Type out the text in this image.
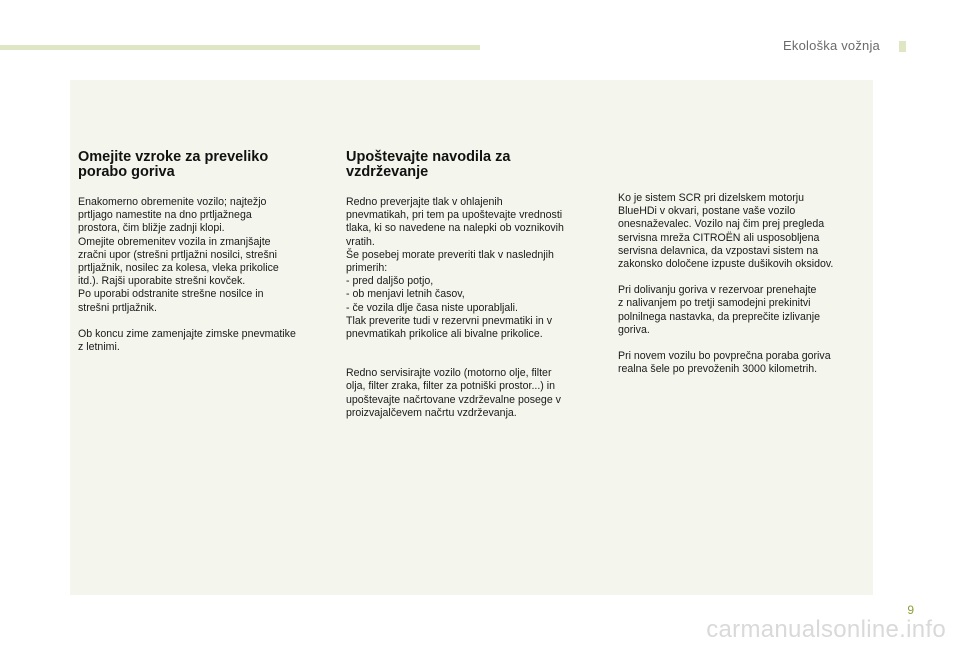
Ekološka vožnja
Omejite vzroke za preveliko
porabo goriva

Enakomerno obremenite vozilo; najtežjo
prtljago namestite na dno prtljažnega
prostora, čim bližje zadnji klopi.
Omejite obremenitev vozila in zmanjšajte
zračni upor (strešni prtljažni nosilci, strešni
prtljažnik, nosilec za kolesa, vleka prikolice
itd.). Rajši uporabite strešni kovček.
Po uporabi odstranite strešne nosilce in
strešni prtljažnik.

Ob koncu zime zamenjajte zimske pnevmatike
z letnimi.

Upoštevajte navodila za
vzdrževanje

Redno preverjajte tlak v ohlajenih
pnevmatikah, pri tem pa upoštevajte vrednosti
tlaka, ki so navedene na nalepki ob voznikovih
vratih.
Še posebej morate preveriti tlak v naslednjih
primerih:
- pred daljšo potjo,
- ob menjavi letnih časov,
- če vozila dlje časa niste uporabljali.
Tlak preverite tudi v rezervni pnevmatiki in v
pnevmatikah prikolice ali bivalne prikolice.

Redno servisirajte vozilo (motorno olje, filter
olja, filter zraka, filter za potniški prostor...) in
upoštevajte načrtovane vzdrževalne posege v
proizvajalčevem načrtu vzdrževanja.

Ko je sistem SCR pri dizelskem motorju
BlueHDi v okvari, postane vaše vozilo
onesnaževalec. Vozilo naj čim prej pregleda
servisna mreža CITROËN ali usposobljena
servisna delavnica, da vzpostavi sistem na
zakonsko določene izpuste dušikovih oksidov.

Pri dolivanju goriva v rezervoar prenehajte
z nalivanjem po tretji samodejni prekinitvi
polnilnega nastavka, da preprečite izlivanje
goriva.

Pri novem vozilu bo povprečna poraba goriva
realna šele po prevoženih 3000 kilometrih.

9
carmanualsonline.info
